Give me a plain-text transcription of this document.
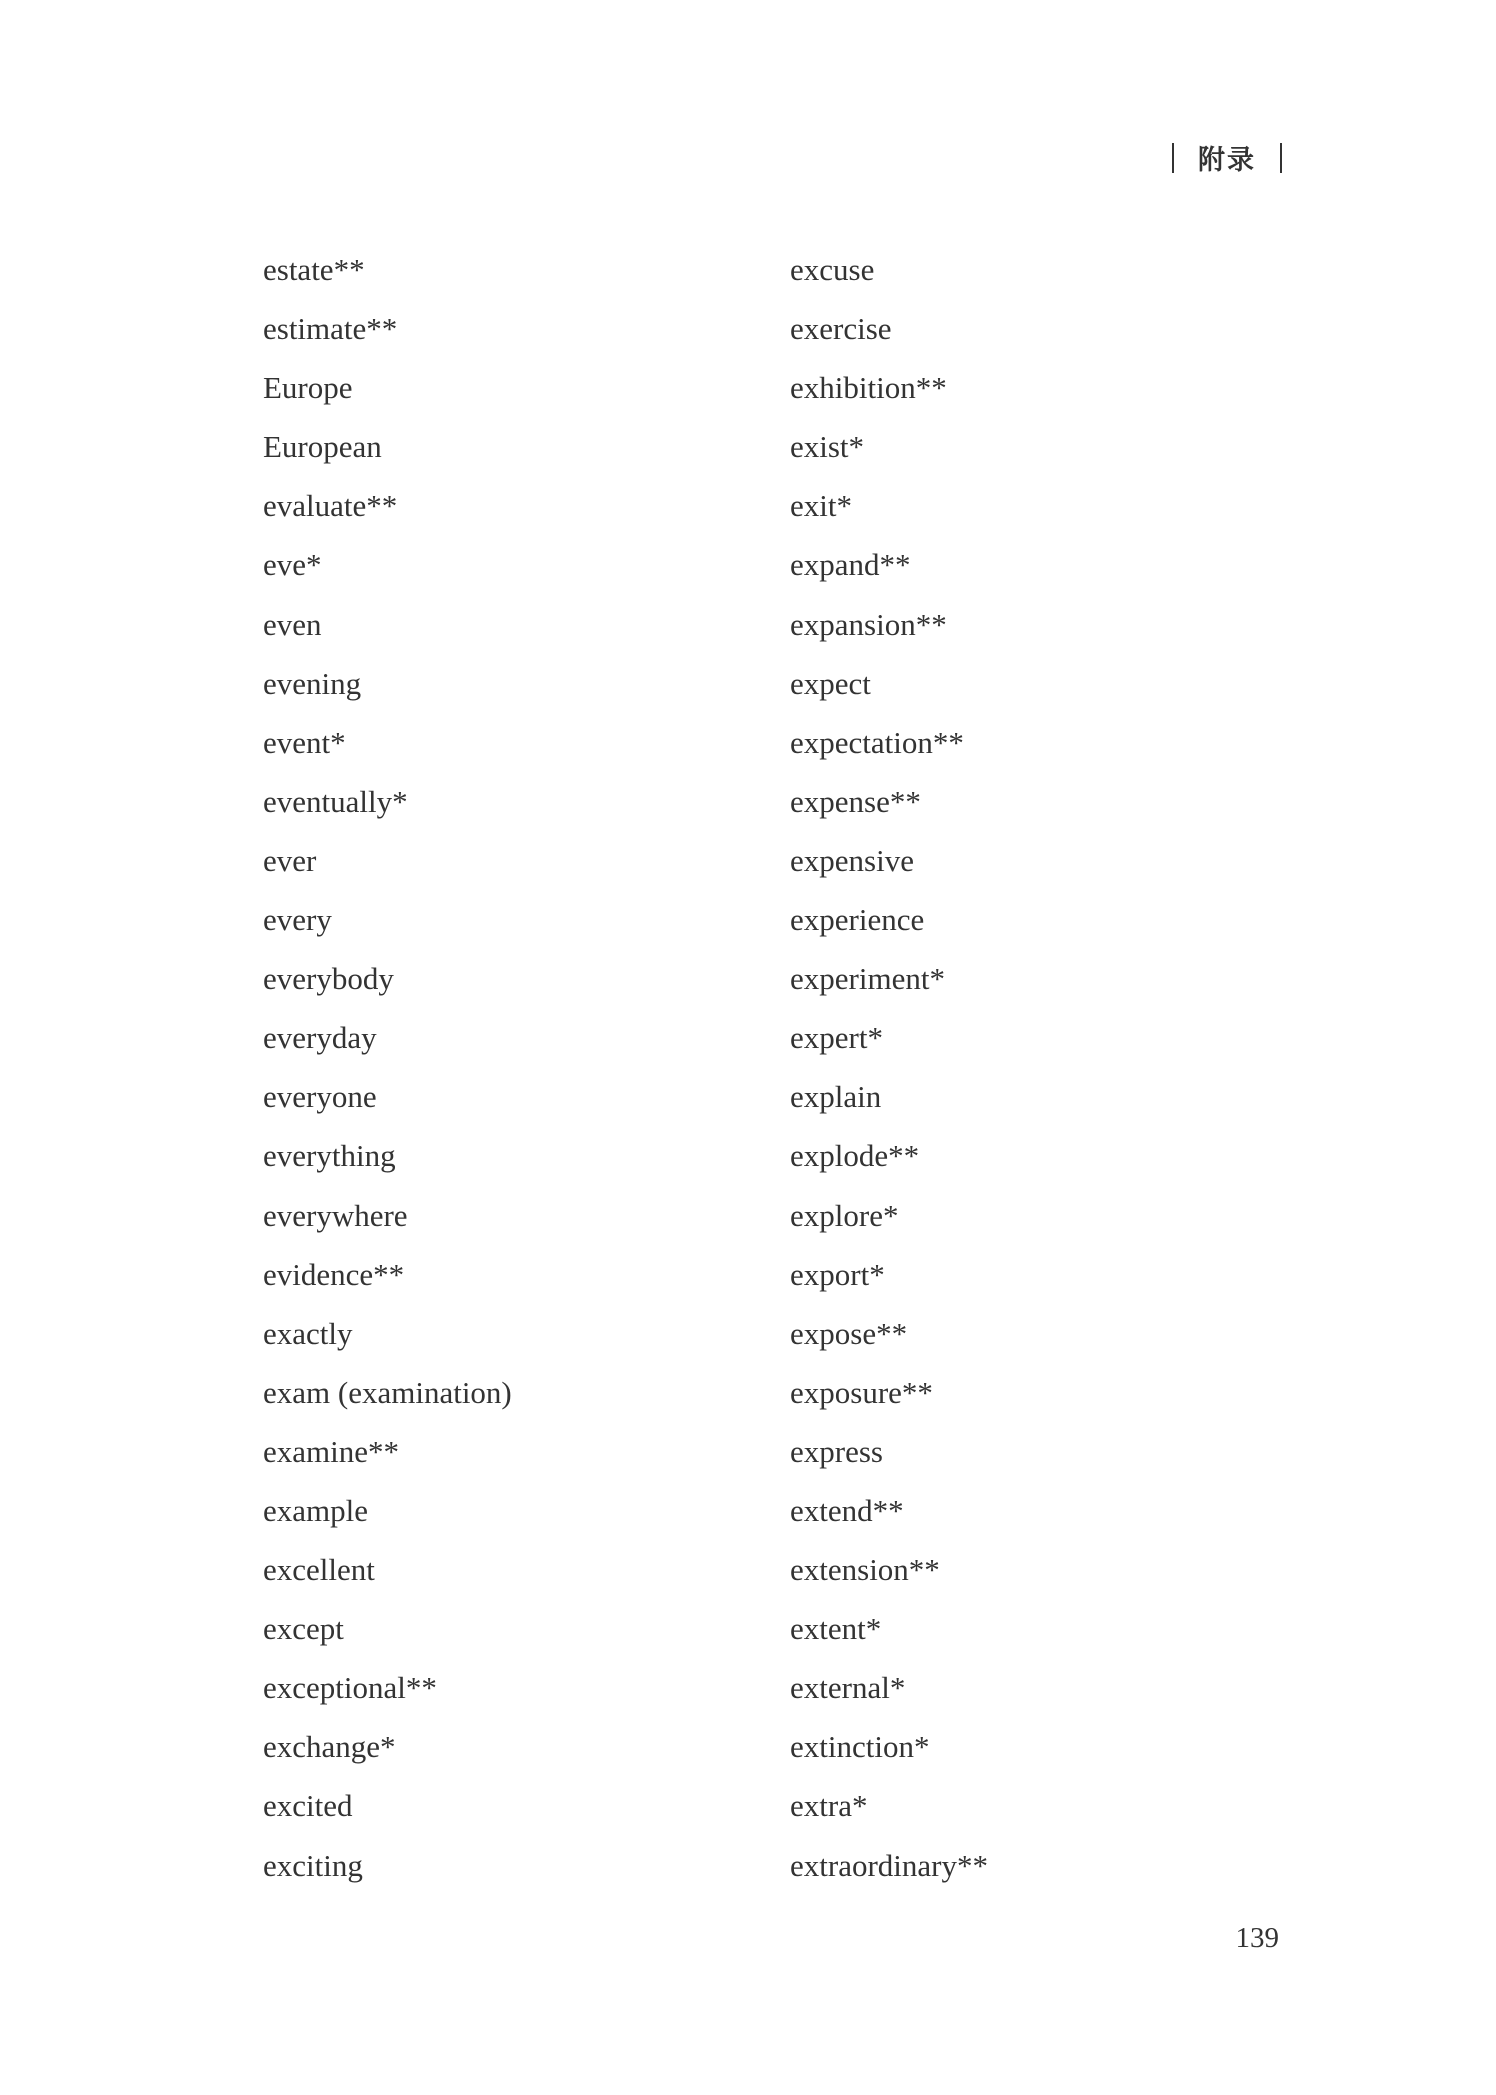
附录
estate**
estimate**
Europe
European
evaluate**
eve*
even
evening
event*
eventually*
ever
every
everybody
everyday
everyone
everything
everywhere
evidence**
exactly
exam (examination)
examine**
example
excellent
except
exceptional**
exchange*
excited
exciting
excuse
exercise
exhibition**
exist*
exit*
expand**
expansion**
expect
expectation**
expense**
expensive
experience
experiment*
expert*
explain
explode**
explore*
export*
expose**
exposure**
express
extend**
extension**
extent*
external*
extinction*
extra*
extraordinary**
139
